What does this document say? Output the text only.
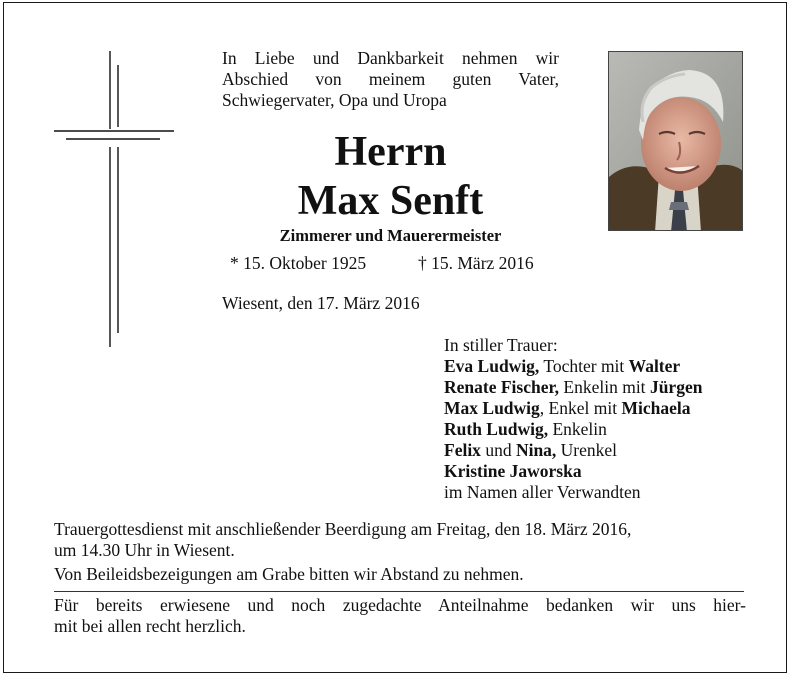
In Liebe und Dankbarkeit nehmen wir
Abschied von meinem guten Vater,
Schwiegervater, Opa und Uropa
Herrn
Max Senft
Zimmerer und Mauerermeister
* 15. Oktober 1925	† 15. März 2016
Wiesent, den 17. März 2016
In stiller Trauer:
Eva Ludwig, Tochter mit Walter
Renate Fischer, Enkelin mit Jürgen
Max Ludwig, Enkel mit Michaela
Ruth Ludwig, Enkelin
Felix und Nina, Urenkel
Kristine Jaworska
im Namen aller Verwandten

Trauergottesdienst mit anschließender Beerdigung am Freitag, den 18. März 2016,
um 14.30 Uhr in Wiesent.

Von Beileidsbezeigungen am Grabe bitten wir Abstand zu nehmen.

Für bereits erwiesene und noch zugedachte Anteilnahme bedanken wir uns hier-
mit bei allen recht herzlich.
